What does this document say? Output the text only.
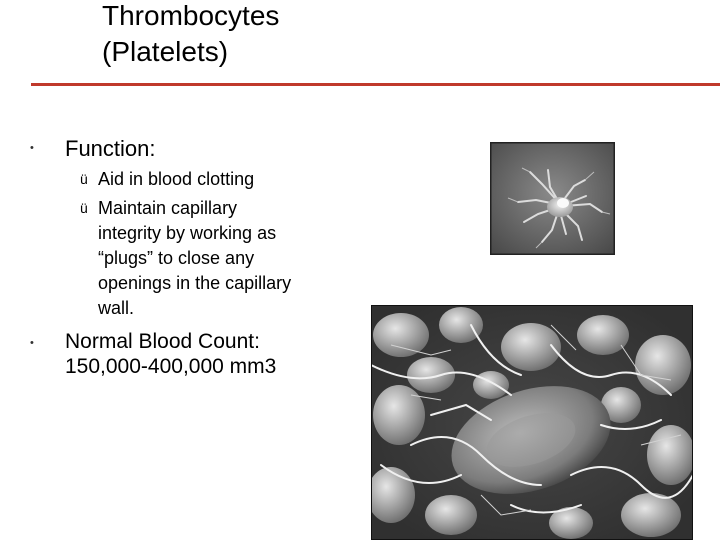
Thrombocytes
(Platelets)
• Function:
ü Aid in blood clotting
ü Maintain capillary
integrity by working as
“plugs” to close any
openings in the capillary
wall.
• Normal Blood Count:
150,000-400,000 mm3
